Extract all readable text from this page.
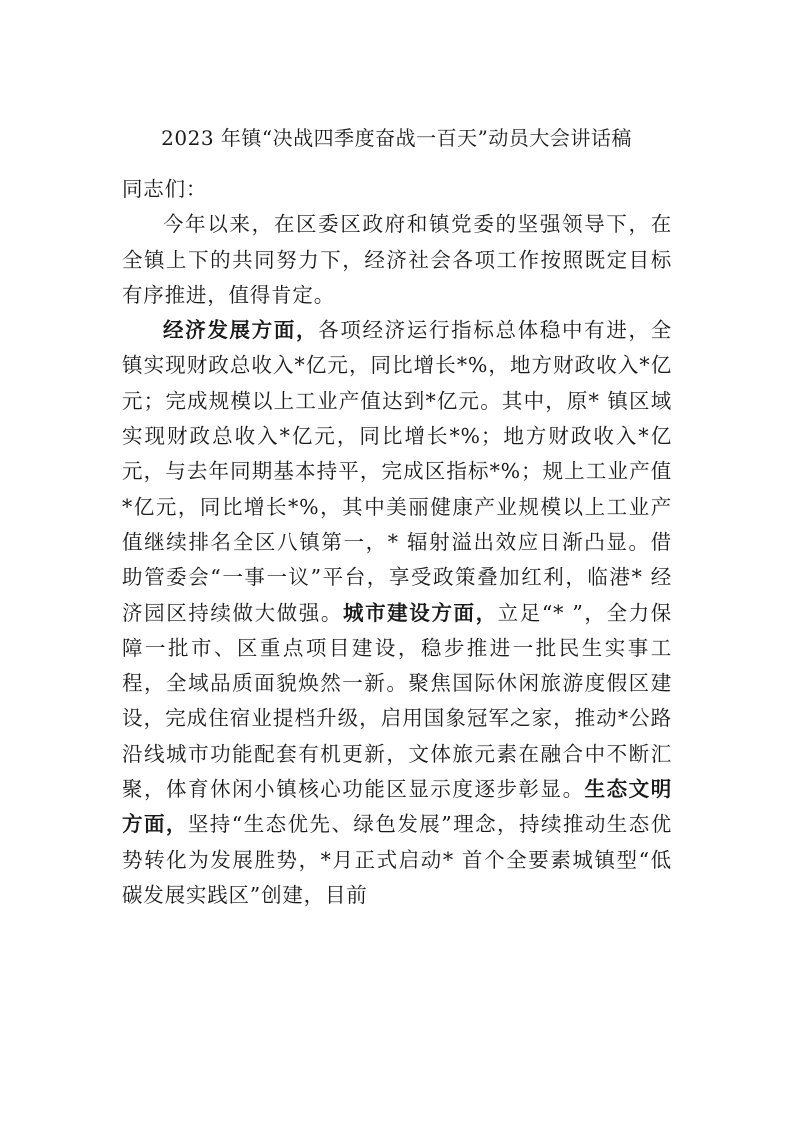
2023 年镇“决战四季度奋战一百天”动员大会讲话稿

同志们：

今年以来，在区委区政府和镇党委的坚强领导下，在全镇上下的共同努力下，经济社会各项工作按照既定目标有序推进，值得肯定。

经济发展方面，各项经济运行指标总体稳中有进，全镇实现财政总收入*亿元，同比增长*%，地方财政收入*亿元；完成规模以上工业产值达到*亿元。其中，原* 镇区域实现财政总收入*亿元，同比增长*%；地方财政收入*亿元，与去年同期基本持平，完成区指标*%；规上工业产值*亿元，同比增长*%，其中美丽健康产业规模以上工业产值继续排名全区八镇第一，* 辐射溢出效应日渐凸显。借助管委会“一事一议”平台，享受政策叠加红利，临港* 经济园区持续做大做强。城市建设方面，立足“* ”，全力保障一批市、区重点项目建设，稳步推进一批民生实事工程，全域品质面貌焕然一新。聚焦国际休闲旅游度假区建设，完成住宿业提档升级，启用国象冠军之家，推动*公路沿线城市功能配套有机更新，文体旅元素在融合中不断汇聚，体育休闲小镇核心功能区显示度逐步彰显。生态文明方面，坚持“生态优先、绿色发展”理念，持续推动生态优势转化为发展胜势，*月正式启动* 首个全要素城镇型“低碳发展实践区”创建，目前
